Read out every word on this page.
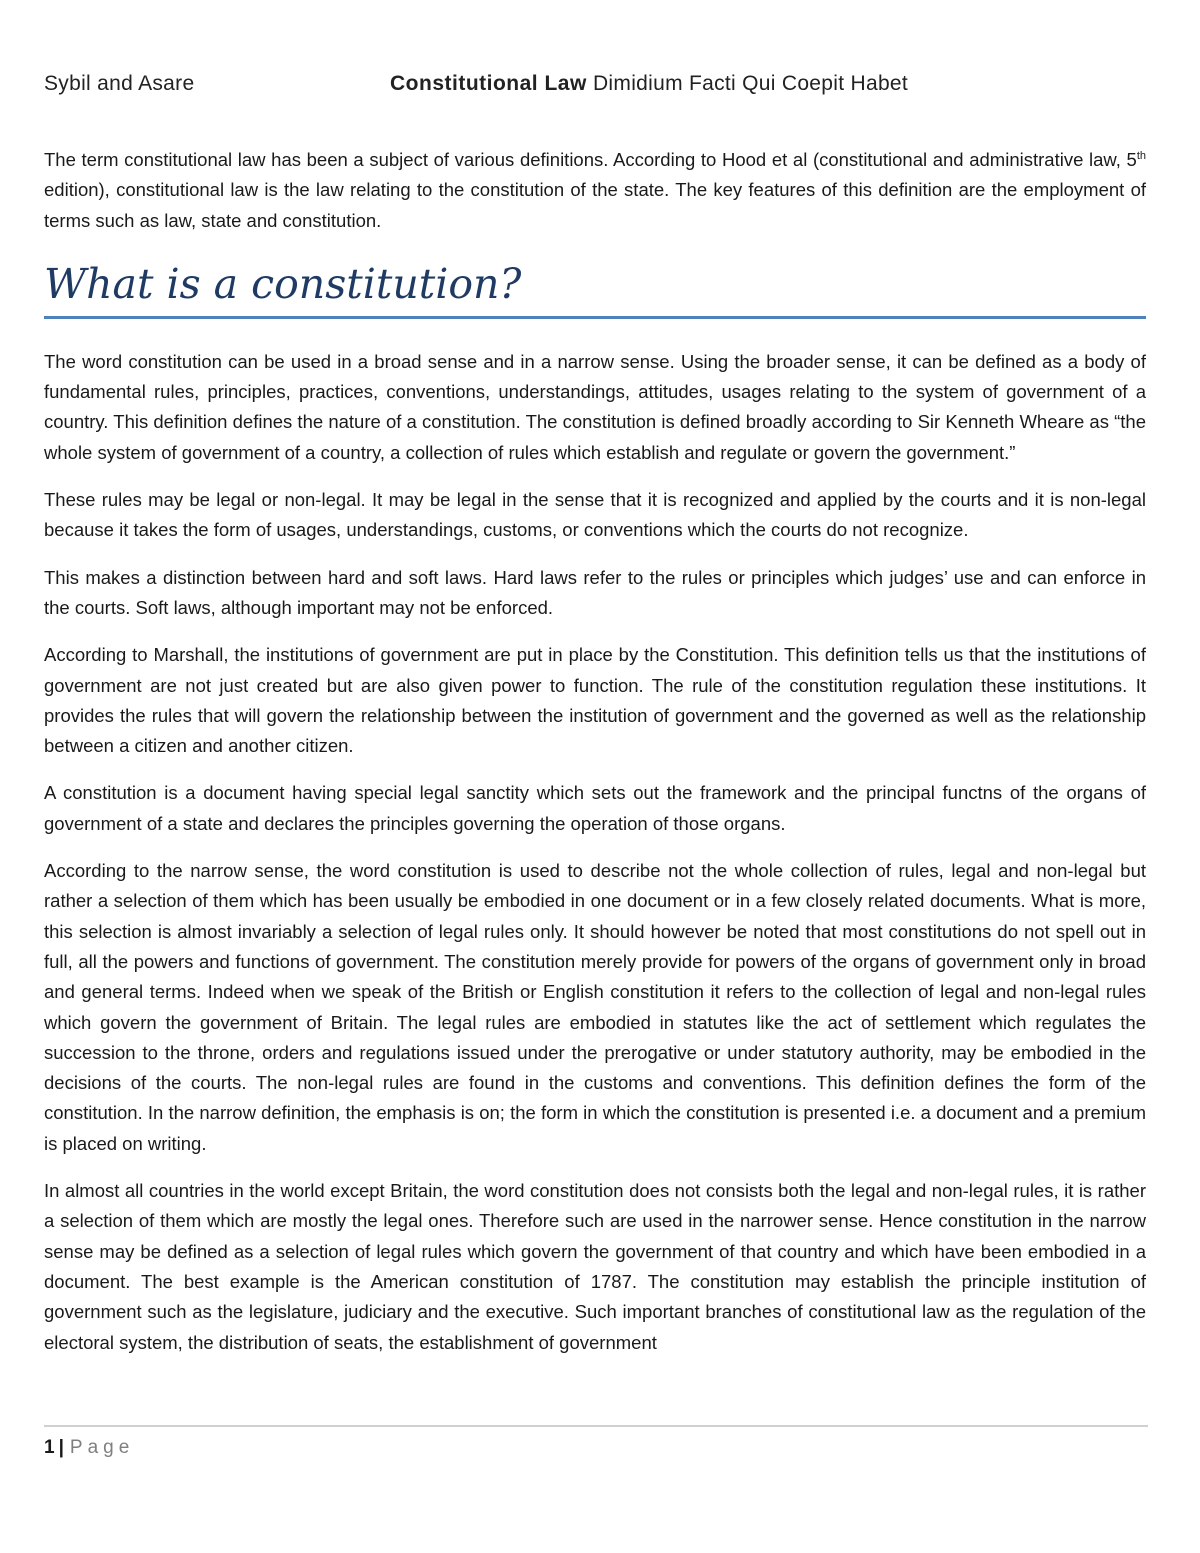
Sybil and Asare	Constitutional Law Dimidium Facti Qui Coepit Habet

The term constitutional law has been a subject of various definitions. According to Hood et al (constitutional and administrative law, 5th edition), constitutional law is the law relating to the constitution of the state. The key features of this definition are the employment of terms such as law, state and constitution.

What is a constitution?

The word constitution can be used in a broad sense and in a narrow sense. Using the broader sense, it can be defined as a body of fundamental rules, principles, practices, conventions, understandings, attitudes, usages relating to the system of government of a country. This definition defines the nature of a constitution. The constitution is defined broadly according to Sir Kenneth Wheare as “the whole system of government of a country, a collection of rules which establish and regulate or govern the government.”

These rules may be legal or non-legal. It may be legal in the sense that it is recognized and applied by the courts and it is non-legal because it takes the form of usages, understandings, customs, or conventions which the courts do not recognize.

This makes a distinction between hard and soft laws. Hard laws refer to the rules or principles which judges’ use and can enforce in the courts. Soft laws, although important may not be enforced.

According to Marshall, the institutions of government are put in place by the Constitution. This definition tells us that the institutions of government are not just created but are also given power to function. The rule of the constitution regulation these institutions. It provides the rules that will govern the relationship between the institution of government and the governed as well as the relationship between a citizen and another citizen.

A constitution is a document having special legal sanctity which sets out the framework and the principal functns of the organs of government of a state and declares the principles governing the operation of those organs.

According to the narrow sense, the word constitution is used to describe not the whole collection of rules, legal and non-legal but rather a selection of them which has been usually be embodied in one document or in a few closely related documents. What is more, this selection is almost invariably a selection of legal rules only. It should however be noted that most constitutions do not spell out in full, all the powers and functions of government. The constitution merely provide for powers of the organs of government only in broad and general terms. Indeed when we speak of the British or English constitution it refers to the collection of legal and non-legal rules which govern the government of Britain. The legal rules are embodied in statutes like the act of settlement which regulates the succession to the throne, orders and regulations issued under the prerogative or under statutory authority, may be embodied in the decisions of the courts. The non-legal rules are found in the customs and conventions. This definition defines the form of the constitution. In the narrow definition, the emphasis is on; the form in which the constitution is presented i.e. a document and a premium is placed on writing.

In almost all countries in the world except Britain, the word constitution does not consists both the legal and non-legal rules, it is rather a selection of them which are mostly the legal ones. Therefore such are used in the narrower sense. Hence constitution in the narrow sense may be defined as a selection of legal rules which govern the government of that country and which have been embodied in a document. The best example is the American constitution of 1787. The constitution may establish the principle institution of government such as the legislature, judiciary and the executive. Such important branches of constitutional law as the regulation of the electoral system, the distribution of seats, the establishment of government

1 | Page
